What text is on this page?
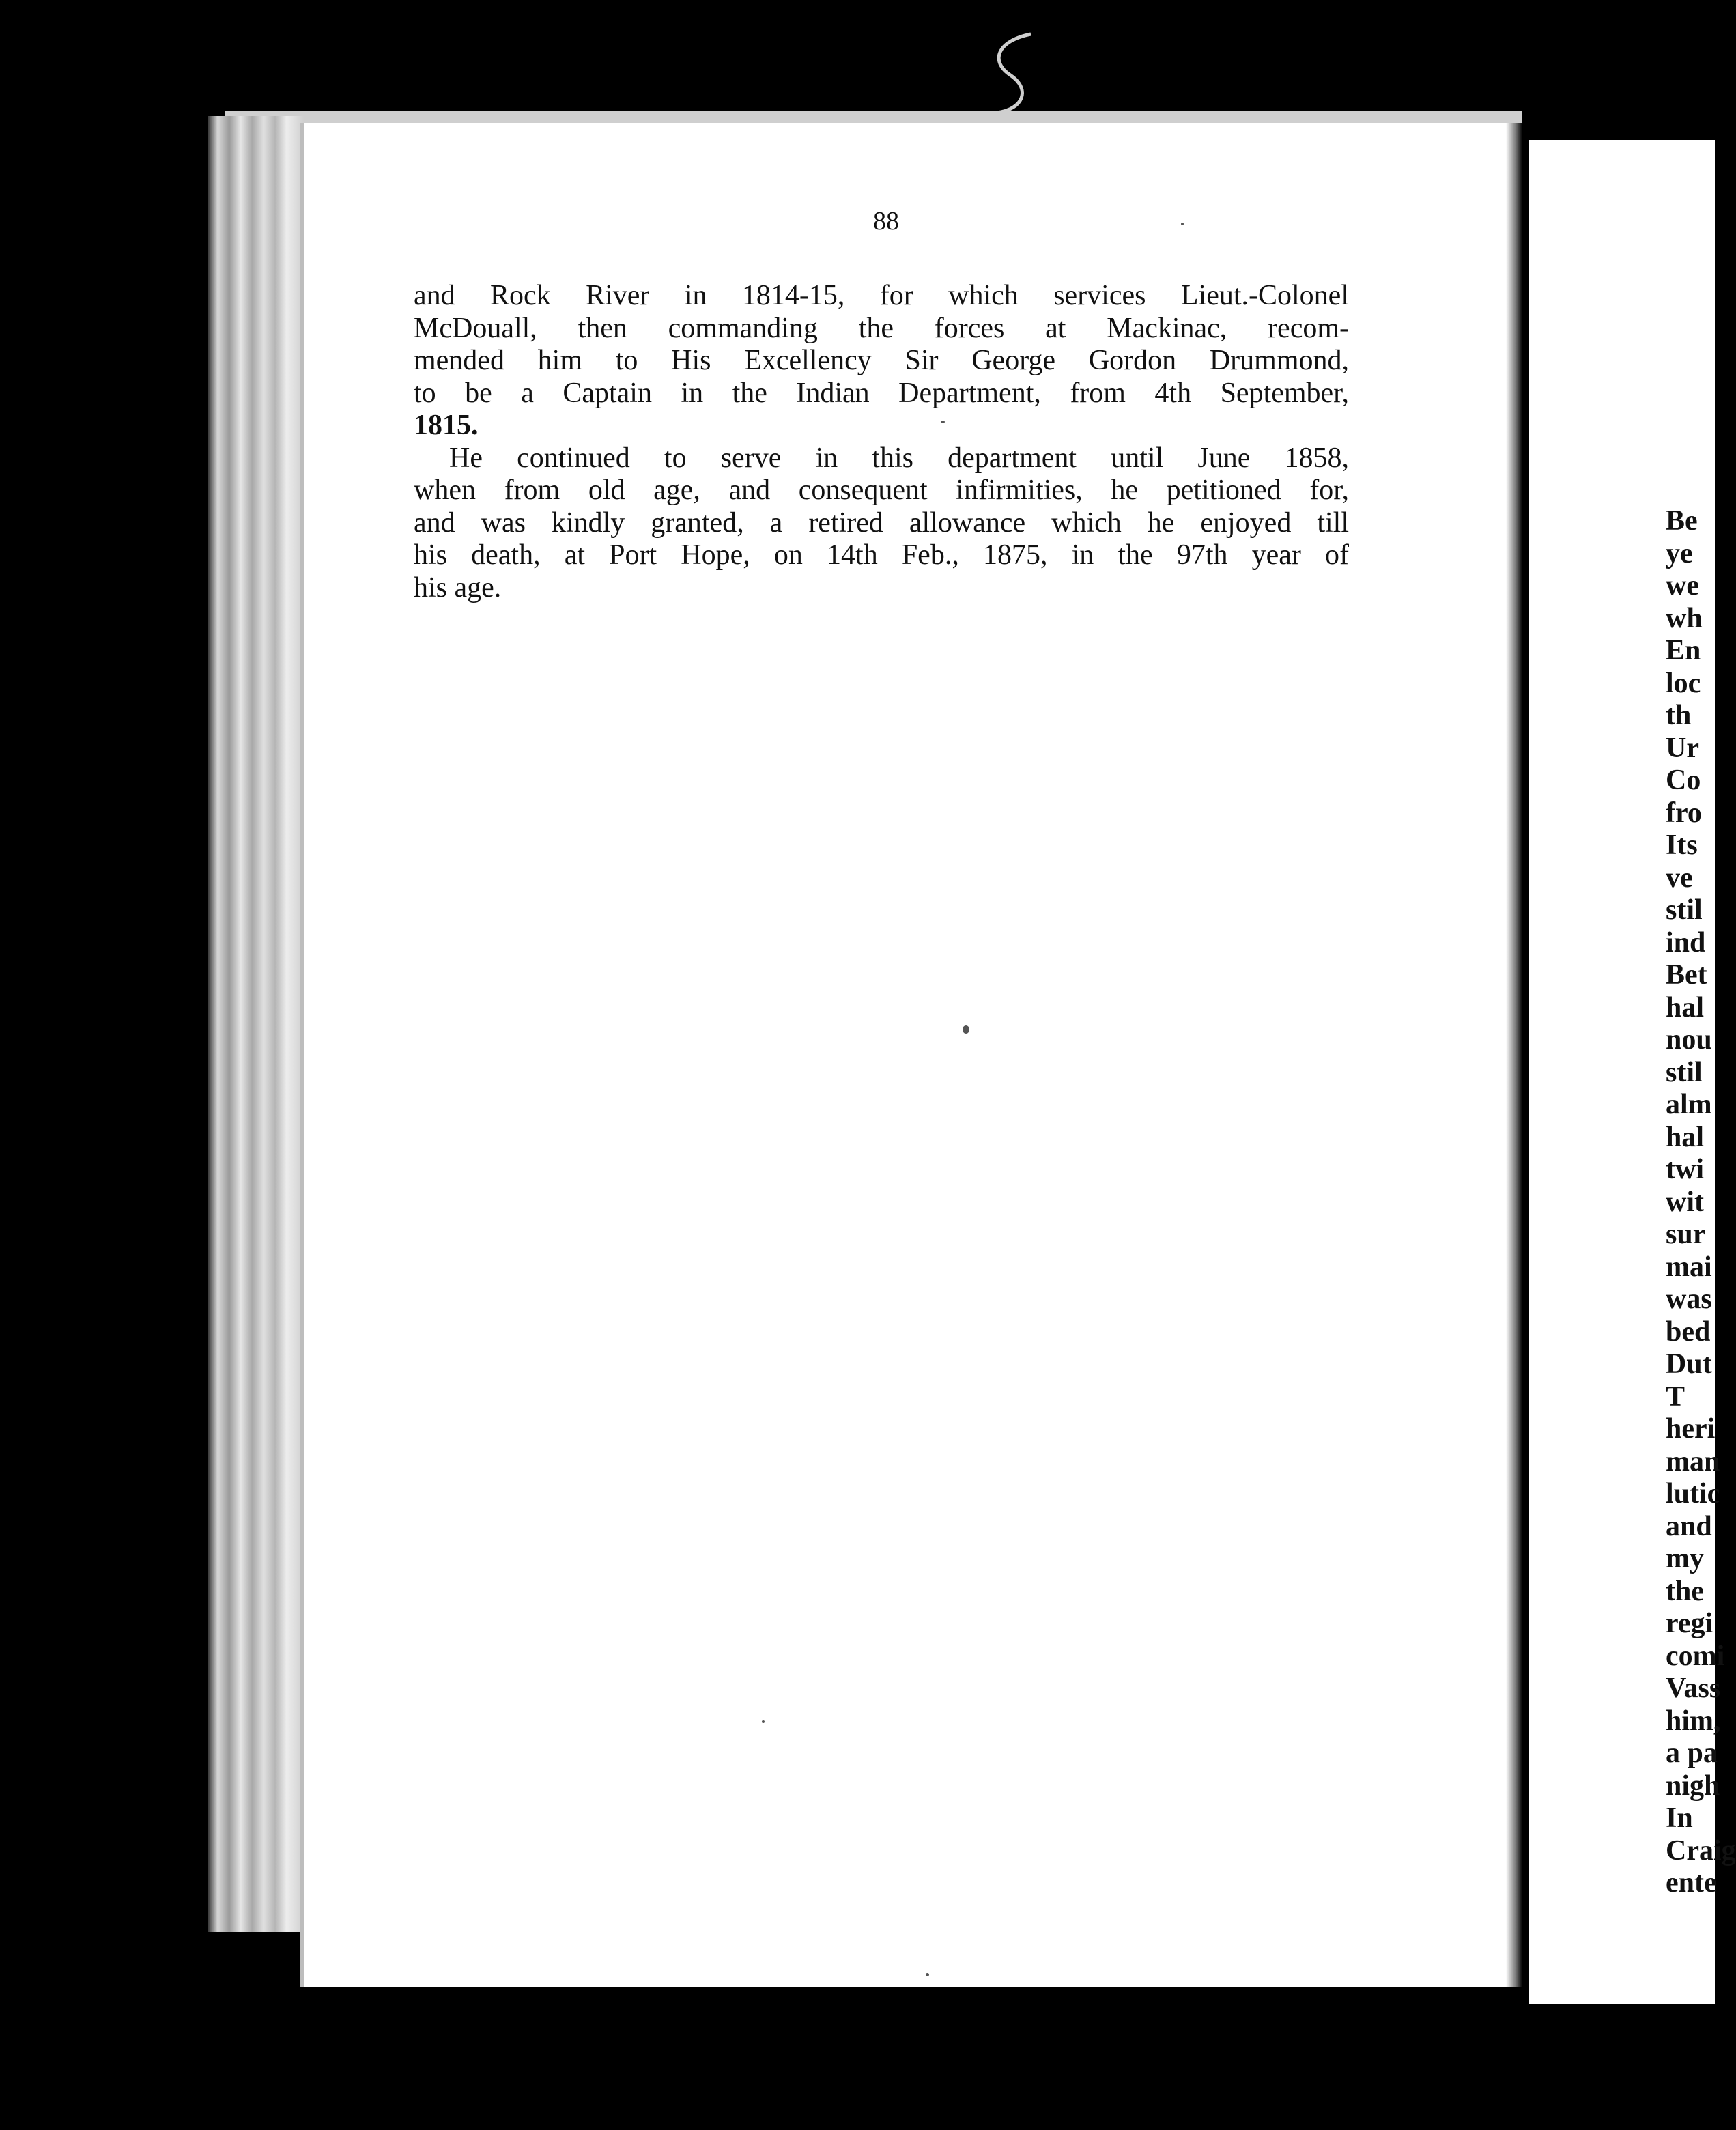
88
and Rock River in 1814-15, for which services Lieut.-Colonel
McDouall, then commanding the forces at Mackinac, recom-
mended him to His Excellency Sir George Gordon Drummond,
to be a Captain in the Indian Department, from 4th September,
1815.
He continued to serve in this department until June 1858,
when from old age, and consequent infirmities, he petitioned for,
and was kindly granted, a retired allowance which he enjoyed till
his death, at Port Hope, on 14th Feb., 1875, in the 97th year of
his age.
Be
ye
we
wh
En
loc
th
Ur
Co
fro
Its
ve
stil
ind
Bet
hal
nou
stil
alm
hal
twi
wit
sur
mai
was
bed
Dut
T
heri
man
lutic
and
my
the
regi
comi
Vass
him,
a pa
nigh
In
Craig
ente
